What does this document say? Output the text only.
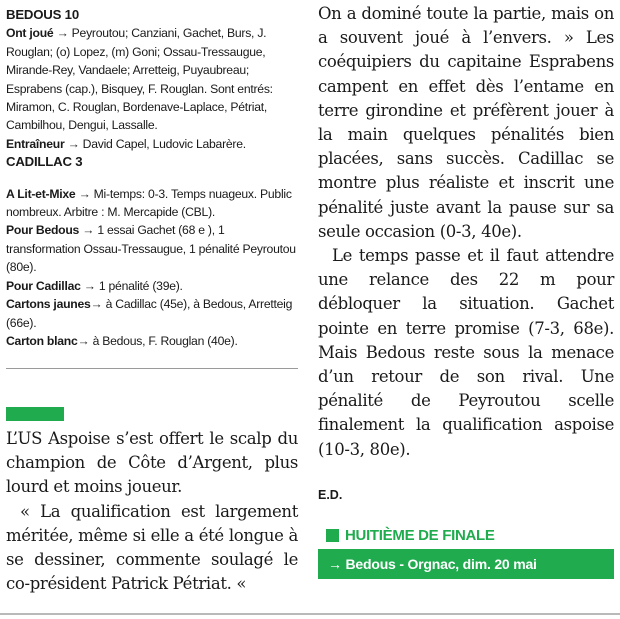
BEDOUS 10

Ont joué → Peyroutou; Canziani, Gachet, Burs, J. Rouglan; (o) Lopez, (m) Goni; Ossau-Tressaugue, Mirande-Rey, Vandaele; Arretteig, Puyaubreau; Esprabens (cap.), Bisquey, F. Rouglan. Sont entrés: Miramon, C. Rouglan, Bordenave-Laplace, Pétriat, Cambilhou, Dengui, Lassalle.

Entraîneur → David Capel, Ludovic Labarère.

CADILLAC 3

A Lit-et-Mixe → Mi-temps: 0-3. Temps nuageux. Public nombreux. Arbitre : M. Mercapide (CBL).

Pour Bedous → 1 essai Gachet (68 e ), 1 transformation Ossau-Tressaugue, 1 pénalité Peyroutou (80e).

Pour Cadillac → 1 pénalité (39e).

Cartons jaunes→ à Cadillac (45e), à Bedous, Arretteig (66e).

Carton blanc→ à Bedous, F. Rouglan (40e).

L’US Aspoise s’est offert le scalp du champion de Côte d’Argent, plus lourd et moins joueur.

« La qualification est largement méritée, même si elle a été longue à se dessiner, commente soulagé le co-président Patrick Pétriat. «

On a dominé toute la partie, mais on a souvent joué à l’envers. » Les coéquipiers du capitaine Esprabens campent en effet dès l’entame en terre girondine et préfèrent jouer à la main quelques pénalités bien placées, sans succès. Cadillac se montre plus réaliste et inscrit une pénalité juste avant la pause sur sa seule occasion (0-3, 40e).

Le temps passe et il faut attendre une relance des 22 m pour débloquer la situation. Gachet pointe en terre promise (7-3, 68e). Mais Bedous reste sous la menace d’un retour de son rival. Une pénalité de Peyroutou scelle finalement la qualification aspoise (10-3, 80e).

E.D.
HUITIÈME DE FINALE
→ Bedous - Orgnac, dim. 20 mai
